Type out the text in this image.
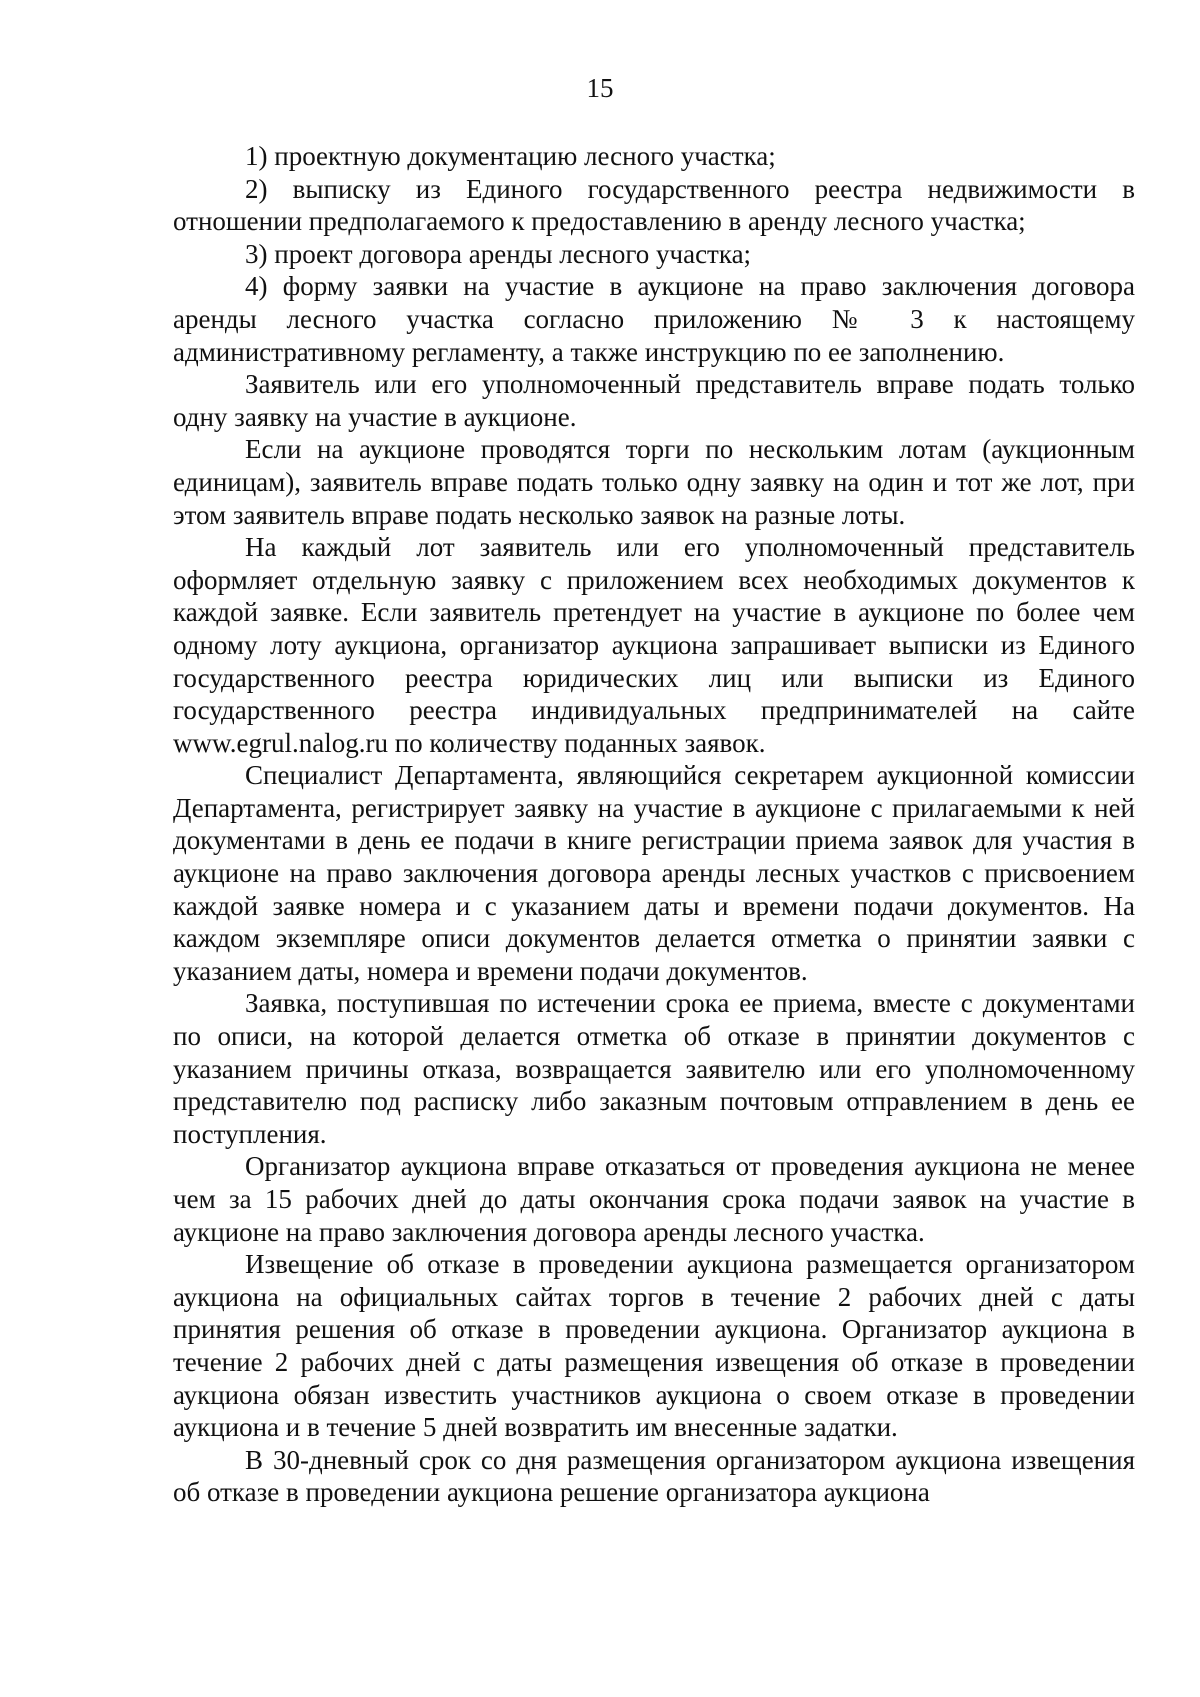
15

1) проектную документацию лесного участка;

2) выписку из Единого государственного реестра недвижимости в отношении предполагаемого к предоставлению в аренду лесного участка;

3) проект договора аренды лесного участка;

4) форму заявки на участие в аукционе на право заключения договора аренды лесного участка согласно приложению № 3 к настоящему административному регламенту, а также инструкцию по ее заполнению.

Заявитель или его уполномоченный представитель вправе подать только одну заявку на участие в аукционе.

Если на аукционе проводятся торги по нескольким лотам (аукционным единицам), заявитель вправе подать только одну заявку на один и тот же лот, при этом заявитель вправе подать несколько заявок на разные лоты.

На каждый лот заявитель или его уполномоченный представитель оформляет отдельную заявку с приложением всех необходимых документов к каждой заявке. Если заявитель претендует на участие в аукционе по более чем одному лоту аукциона, организатор аукциона запрашивает выписки из Единого государственного реестра юридических лиц или выписки из Единого государственного реестра индивидуальных предпринимателей на сайте www.egrul.nalog.ru по количеству поданных заявок.

Специалист Департамента, являющийся секретарем аукционной комиссии Департамента, регистрирует заявку на участие в аукционе с прилагаемыми к ней документами в день ее подачи в книге регистрации приема заявок для участия в аукционе на право заключения договора аренды лесных участков с присвоением каждой заявке номера и с указанием даты и времени подачи документов. На каждом экземпляре описи документов делается отметка о принятии заявки с указанием даты, номера и времени подачи документов.

Заявка, поступившая по истечении срока ее приема, вместе с документами по описи, на которой делается отметка об отказе в принятии документов с указанием причины отказа, возвращается заявителю или его уполномоченному представителю под расписку либо заказным почтовым отправлением в день ее поступления.

Организатор аукциона вправе отказаться от проведения аукциона не менее чем за 15 рабочих дней до даты окончания срока подачи заявок на участие в аукционе на право заключения договора аренды лесного участка.

Извещение об отказе в проведении аукциона размещается организатором аукциона на официальных сайтах торгов в течение 2 рабочих дней с даты принятия решения об отказе в проведении аукциона. Организатор аукциона в течение 2 рабочих дней с даты размещения извещения об отказе в проведении аукциона обязан известить участников аукциона о своем отказе в проведении аукциона и в течение 5 дней возвратить им внесенные задатки.

В 30-дневный срок со дня размещения организатором аукциона извещения об отказе в проведении аукциона решение организатора аукциона
